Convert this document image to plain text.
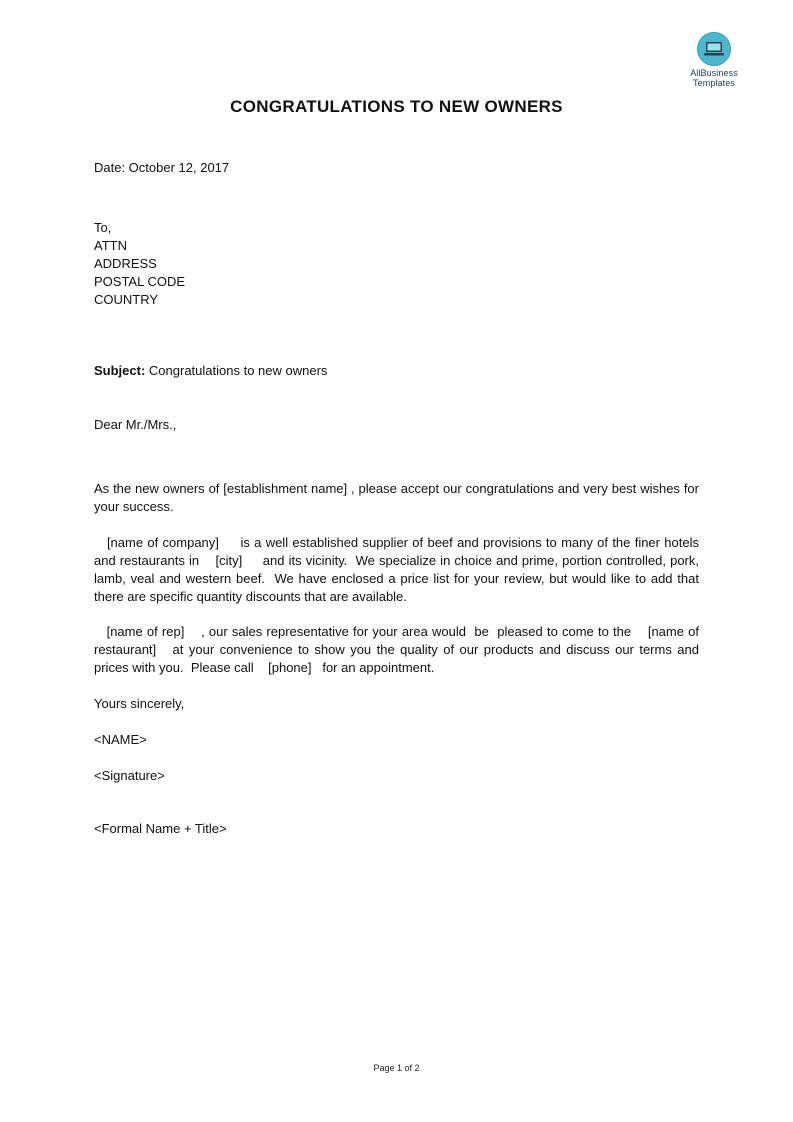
AllBusiness
Templates
CONGRATULATIONS TO NEW OWNERS
Date: October 12, 2017
To,
ATTN
ADDRESS
POSTAL CODE
COUNTRY
Subject: Congratulations to new owners
Dear Mr./Mrs.,
As the new owners of [establishment name] , please accept our congratulations and very best wishes for your success.
[name of company]     is a well established supplier of beef and provisions to many of the finer hotels and restaurants in    [city]     and its vicinity.  We specialize in choice and prime, portion controlled, pork, lamb, veal and western beef.  We have enclosed a price list for your review, but would like to add that there are specific quantity discounts that are available.
[name of rep]    , our sales representative for your area would  be  pleased to come to the    [name of restaurant]   at your convenience to show you the quality of our products and discuss our terms and prices with you.  Please call    [phone]   for an appointment.
Yours sincerely,
<NAME>
<Signature>
<Formal Name + Title>
Page 1 of 2
